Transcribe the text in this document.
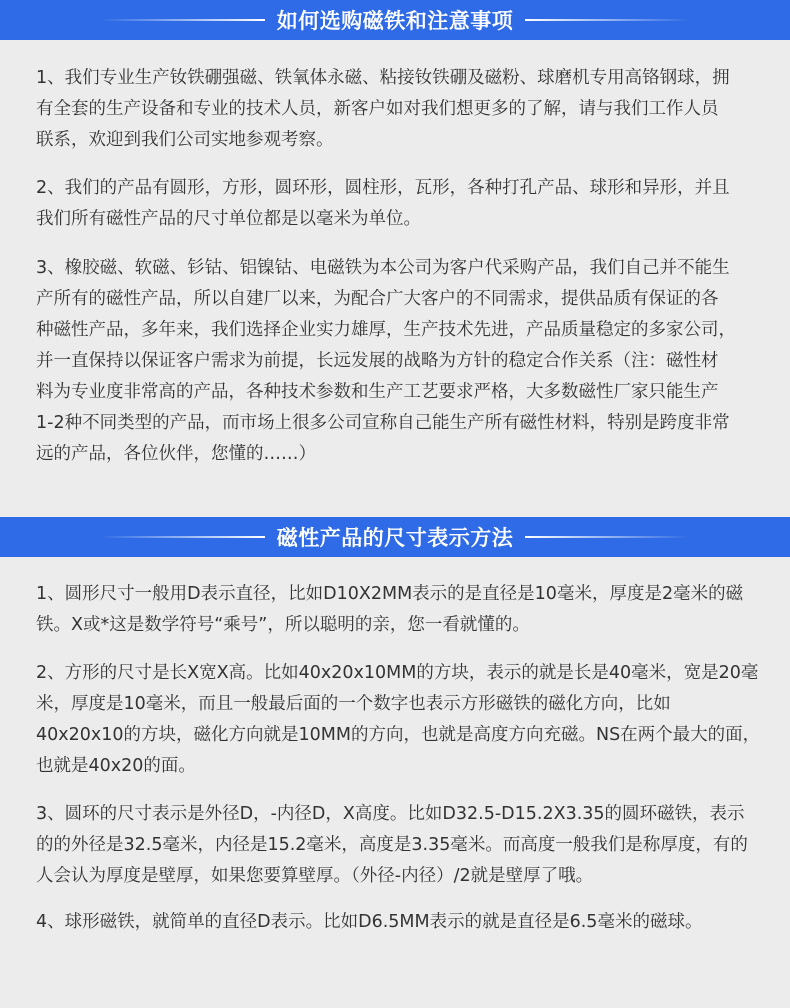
如何选购磁铁和注意事项
磁性产品的尺寸表示方法
1、我们专业生产钕铁硼强磁、铁氧体永磁、粘接钕铁硼及磁粉、球磨机专用高铬钢球，拥
有全套的生产设备和专业的技术人员，新客户如对我们想更多的了解，请与我们工作人员
联系，欢迎到我们公司实地参观考察。
2、我们的产品有圆形，方形，圆环形，圆柱形，瓦形，各种打孔产品、球形和异形，并且
我们所有磁性产品的尺寸单位都是以毫米为单位。
3、橡胶磁、软磁、钐钴、铝镍钴、电磁铁为本公司为客户代采购产品，我们自己并不能生
产所有的磁性产品，所以自建厂以来，为配合广大客户的不同需求，提供品质有保证的各
种磁性产品，多年来，我们选择企业实力雄厚，生产技术先进，产品质量稳定的多家公司，
并一直保持以保证客户需求为前提，长远发展的战略为方针的稳定合作关系（注：磁性材
料为专业度非常高的产品，各种技术参数和生产工艺要求严格，大多数磁性厂家只能生产
1-2种不同类型的产品，而市场上很多公司宣称自己能生产所有磁性材料，特别是跨度非常
远的产品，各位伙伴，您懂的……）
1、圆形尺寸一般用D表示直径，比如D10X2MM表示的是直径是10毫米，厚度是2毫米的磁
铁。X或*这是数学符号“乘号”，所以聪明的亲，您一看就懂的。
2、方形的尺寸是长X宽X高。比如40x20x10MM的方块，表示的就是长是40毫米，宽是20毫
米，厚度是10毫米，而且一般最后面的一个数字也表示方形磁铁的磁化方向，比如
40x20x10的方块，磁化方向就是10MM的方向，也就是高度方向充磁。NS在两个最大的面，
也就是40x20的面。
3、圆环的尺寸表示是外径D，-内径D，X高度。比如D32.5-D15.2X3.35的圆环磁铁，表示
的的外径是32.5毫米，内径是15.2毫米，高度是3.35毫米。而高度一般我们是称厚度，有的
人会认为厚度是壁厚，如果您要算壁厚。（外径-内径）/2就是壁厚了哦。
4、球形磁铁，就简单的直径D表示。比如D6.5MM表示的就是直径是6.5毫米的磁球。
